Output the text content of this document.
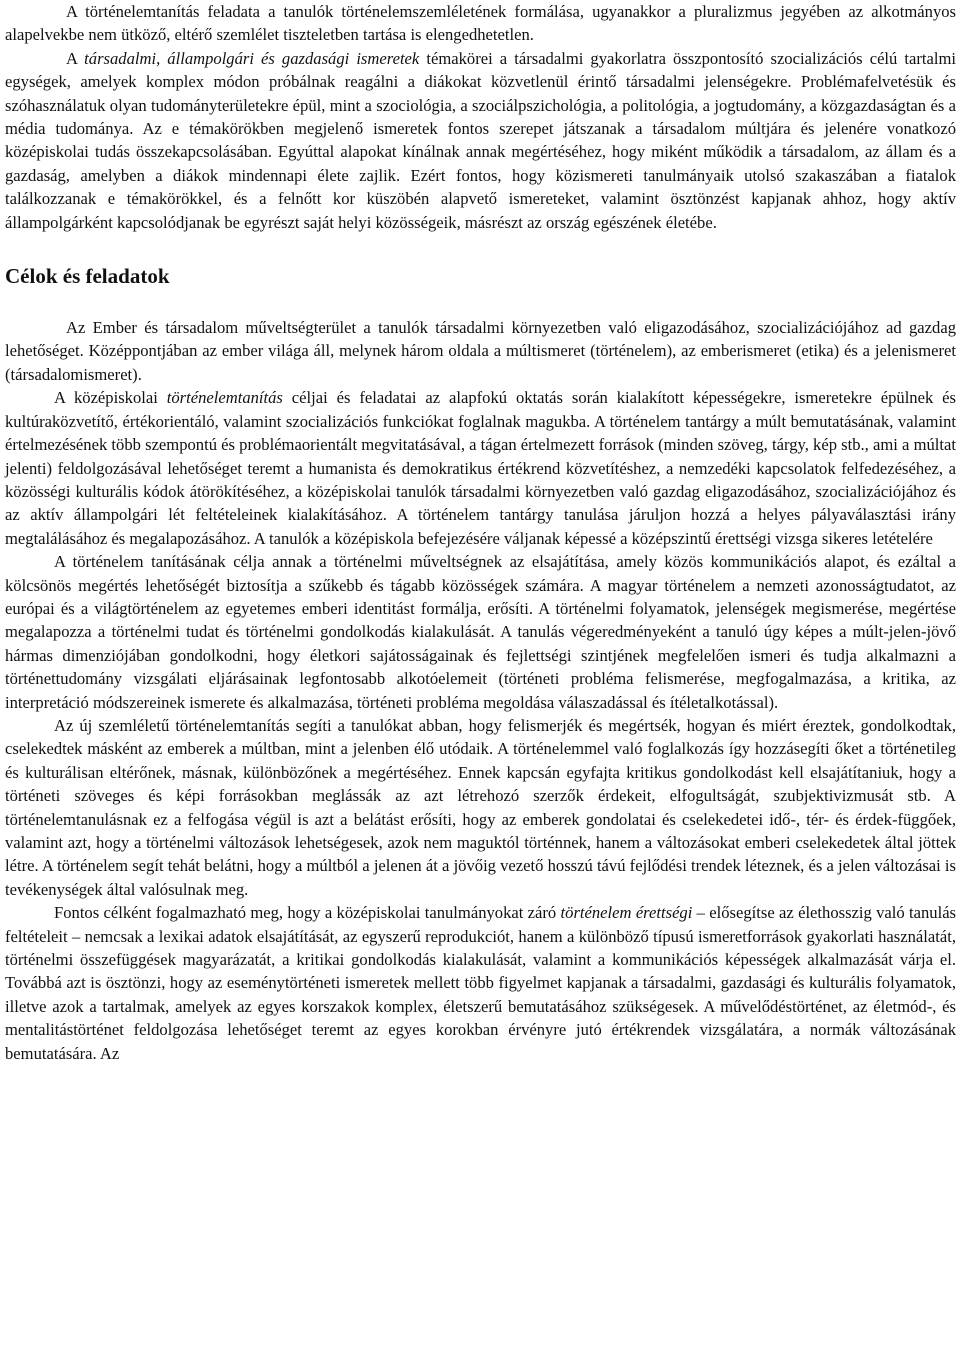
A történelemtanítás feladata a tanulók történelemszemléletének formálása, ugyanakkor a pluralizmus jegyében az alkotmányos alapelvekbe nem ütköző, eltérő szemlélet tiszteletben tartása is elengedhetetlen.

A társadalmi, állampolgári és gazdasági ismeretek témakörei a társadalmi gyakorlatra összpontosító szocializációs célú tartalmi egységek, amelyek komplex módon próbálnak reagálni a diákokat közvetlenül érintő társadalmi jelenségekre. Problémafelvetésük és szóhasználatuk olyan tudományterületekre épül, mint a szociológia, a szociálpszichológia, a politológia, a jogtudomány, a közgazdaságtan és a média tudománya. Az e témakörökben megjelenő ismeretek fontos szerepet játszanak a társadalom múltjára és jelenére vonatkozó középiskolai tudás összekapcsolásában. Egyúttal alapokat kínálnak annak megértéséhez, hogy miként működik a társadalom, az állam és a gazdaság, amelyben a diákok mindennapi élete zajlik. Ezért fontos, hogy közismereti tanulmányaik utolsó szakaszában a fiatalok találkozzanak e témakörökkel, és a felnőtt kor küszöbén alapvető ismereteket, valamint ösztönzést kapjanak ahhoz, hogy aktív állampolgárként kapcsolódjanak be egyrészt saját helyi közösségeik, másrészt az ország egészének életébe.

Célok és feladatok

Az Ember és társadalom műveltségterület a tanulók társadalmi környezetben való eligazodásához, szocializációjához ad gazdag lehetőséget. Középpontjában az ember világa áll, melynek három oldala a múltismeret (történelem), az emberismeret (etika) és a jelenismeret (társadalomismeret).

A középiskolai történelemtanítás céljai és feladatai az alapfokú oktatás során kialakított képességekre, ismeretekre épülnek és kultúraközvetítő, értékorientáló, valamint szocializációs funkciókat foglalnak magukba. A történelem tantárgy a múlt bemutatásának, valamint értelmezésének több szempontú és problémaorientált megvitatásával, a tágan értelmezett források (minden szöveg, tárgy, kép stb., ami a múltat jelenti) feldolgozásával lehetőséget teremt a humanista és demokratikus értékrend közvetítéshez, a nemzedéki kapcsolatok felfedezéséhez, a közösségi kulturális kódok átörökítéséhez, a középiskolai tanulók társadalmi környezetben való gazdag eligazodásához, szocializációjához és az aktív állampolgári lét feltételeinek kialakításához. A történelem tantárgy tanulása járuljon hozzá a helyes pályaválasztási irány megtalálásához és megalapozásához. A tanulók a középiskola befejezésére váljanak képessé a középszintű érettségi vizsga sikeres letételére

A történelem tanításának célja annak a történelmi műveltségnek az elsajátítása, amely közös kommunikációs alapot, és ezáltal a kölcsönös megértés lehetőségét biztosítja a szűkebb és tágabb közösségek számára. A magyar történelem a nemzeti azonosságtudatot, az európai és a világtörténelem az egyetemes emberi identitást formálja, erősíti. A történelmi folyamatok, jelenségek megismerése, megértése megalapozza a történelmi tudat és történelmi gondolkodás kialakulását. A tanulás végeredményeként a tanuló úgy képes a múlt-jelen-jövő hármas dimenziójában gondolkodni, hogy életkori sajátosságainak és fejlettségi szintjének megfelelően ismeri és tudja alkalmazni a történettudomány vizsgálati eljárásainak legfontosabb alkotóelemeit (történeti probléma felismerése, megfogalmazása, a kritika, az interpretáció módszereinek ismerete és alkalmazása, történeti probléma megoldása válaszadással és ítéletalkotással).

Az új szemléletű történelemtanítás segíti a tanulókat abban, hogy felismerjék és megértsék, hogyan és miért éreztek, gondolkodtak, cselekedtek másként az emberek a múltban, mint a jelenben élő utódaik. A történelemmel való foglalkozás így hozzásegíti őket a történetileg és kulturálisan eltérőnek, másnak, különbözőnek a megértéséhez. Ennek kapcsán egyfajta kritikus gondolkodást kell elsajátítaniuk, hogy a történeti szöveges és képi forrásokban meglássák az azt létrehozó szerzők érdekeit, elfogultságát, szubjektivizmusát stb. A történelemtanulásnak ez a felfogása végül is azt a belátást erősíti, hogy az emberek gondolatai és cselekedetei idő-, tér- és érdek-függőek, valamint azt, hogy a történelmi változások lehetségesek, azok nem maguktól történnek, hanem a változásokat emberi cselekedetek által jöttek létre. A történelem segít tehát belátni, hogy a múltból a jelenen át a jövőig vezető hosszú távú fejlődési trendek léteznek, és a jelen változásai is tevékenységek által valósulnak meg.

Fontos célként fogalmazható meg, hogy a középiskolai tanulmányokat záró történelem érettségi – elősegítse az élethosszig való tanulás feltételeit – nemcsak a lexikai adatok elsajátítását, az egyszerű reprodukciót, hanem a különböző típusú ismeretforrások gyakorlati használatát, történelmi összefüggések magyarázatát, a kritikai gondolkodás kialakulását, valamint a kommunikációs képességek alkalmazását várja el. Továbbá azt is ösztönzi, hogy az eseménytörténeti ismeretek mellett több figyelmet kapjanak a társadalmi, gazdasági és kulturális folyamatok, illetve azok a tartalmak, amelyek az egyes korszakok komplex, életszerű bemutatásához szükségesek. A művelődéstörténet, az életmód-, és mentalitástörténet feldolgozása lehetőséget teremt az egyes korokban érvényre jutó értékrendek vizsgálatára, a normák változásának bemutatására. Az
